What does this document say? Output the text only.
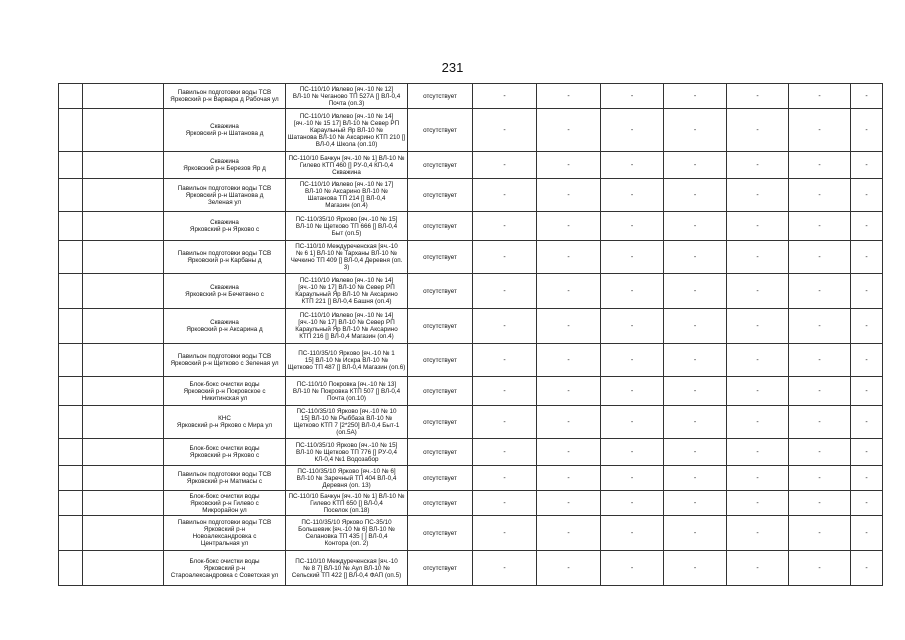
231
		Павильон подготовки воды ТСВ
Ярковский р-н Варвара д Рабочая ул	ПС-110/10 Ивлево [яч.-10 № 12]
ВЛ-10 № Чеганово ТП 527А [] ВЛ-0,4 Почта (оп.3)	отсутствует	-	-	-	-	-	-	-
		Скважина
Ярковский р-н Шатанова д	ПС-110/10 Ивлево [яч.-10 № 14]
[яч.-10 № 15 17] ВЛ-10 № Север РП Караульный Яр ВЛ-10 №
Шатанова ВЛ-10 № Аксарино КТП 210 [] ВЛ-0,4 Школа (оп.10)	отсутствует	-	-	-	-	-	-	-
		Скважина
Ярковский р-н Березов Яр д	ПС-110/10 Бачкун [яч.-10 № 1] ВЛ-10 № Гилево КТП 460 [] РУ-0,4 КП-0,4 Скважина	отсутствует	-	-	-	-	-	-	-
		Павильон подготовки воды ТСВ
Ярковский р-н Шатанова д
Зеленая ул	ПС-110/10 Ивлево [яч.-10 № 17]
ВЛ-10 № Аксарино ВЛ-10 №
Шатанова ТП 214 [] ВЛ-0,4
Магазин (оп.4)	отсутствует	-	-	-	-	-	-	-
		Скважина
Ярковский р-н Ярково с	ПС-110/35/10 Ярково [яч.-10 № 15]
ВЛ-10 № Щетково ТП 666 [] ВЛ-0,4
Быт (оп.5)	отсутствует	-	-	-	-	-	-	-
		Павильон подготовки воды ТСВ
Ярковский р-н Карбаны д	ПС-110/10 Междуреченская [яч.-10
№ 6 1] ВЛ-10 № Тарханы ВЛ-10 №
Чечкино ТП 409 [] ВЛ-0,4 Деревня (оп. 3)	отсутствует	-	-	-	-	-	-	-
		Скважина
Ярковский р-н Бечетвено с	ПС-110/10 Ивлево [яч.-10 № 14]
[яч.-10 № 17] ВЛ-10 № Север РП
Караульный Яр ВЛ-10 № Аксарино
КТП 221 [] ВЛ-0,4 Башня (оп.4)	отсутствует	-	-	-	-	-	-	-
		Скважина
Ярковский р-н Аксарина д	ПС-110/10 Ивлево [яч.-10 № 14]
[яч.-10 № 17] ВЛ-10 № Север РП
Караульный Яр ВЛ-10 № Аксарино
КТП 216 [] ВЛ-0,4 Магазин (оп.4)	отсутствует	-	-	-	-	-	-	-
		Павильон подготовки воды ТСВ
Ярковский р-н Щетково с Зеленая ул	ПС-110/35/10 Ярково [яч.-10 № 1
15] ВЛ-10 № Искра ВЛ-10 №
Щетково ТП 487 [] ВЛ-0,4 Магазин (оп.6)	отсутствует	-	-	-	-	-	-	-
		Блок-бокс очистки воды
Ярковский р-н Покровское с
Никитинская ул	ПС-110/10 Покровка [яч.-10 № 13]
ВЛ-10 № Покровка КТП 507 [] ВЛ-0,4 Почта (оп.10)	отсутствует	-	-	-	-	-	-	-
		КНС
Ярковский р-н Ярково с Мира ул	ПС-110/35/10 Ярково [яч.-10 № 10
15] ВЛ-10 № Рыббаза ВЛ-10 №
Щетково КТП 7 [2*250] ВЛ-0,4 Быт-1 (оп.5А)	отсутствует	-	-	-	-	-	-	-
		Блок-бокс очистки воды
Ярковский р-н Ярково с	ПС-110/35/10 Ярково [яч.-10 № 15]
ВЛ-10 № Щетково ТП 776 [] РУ-0,4
КЛ-0,4 №1 Водозабор	отсутствует	-	-	-	-	-	-	-
		Павильон подготовки воды ТСВ
Ярковский р-н Матмасы с	ПС-110/35/10 Ярково [яч.-10 № 6]
ВЛ-10 № Заречный ТП 404 ВЛ-0,4
Деревня (оп. 13)	отсутствует	-	-	-	-	-	-	-
		Блок-бокс очистки воды
Ярковский р-н Гилево с
Микрорайон ул	ПС-110/10 Бачкун [яч.-10 № 1] ВЛ-10 № Гилево КТП 650 [] ВЛ-0,4
Поселок (оп.18)	отсутствует	-	-	-	-	-	-	-
		Павильон подготовки воды ТСВ
Ярковский р-н
Новоалександровка с
Центральная ул	ПС-110/35/10 Ярково ПС-35/10
Большевик [яч.-10 № 6] ВЛ-10 №
Селановка ТП 435 [ ] ВЛ-0,4
Контора (оп. 2)	отсутствует	-	-	-	-	-	-	-
		Блок-бокс очистки воды
Ярковский р-н
Староалександровка с Советская ул	ПС-110/10 Междуреченская [яч.-10
№ 8 7] ВЛ-10 № Аул ВЛ-10 №
Сельский ТП 422 [] ВЛ-0,4 ФАП (оп.5)	отсутствует	-	-	-	-	-	-	-
